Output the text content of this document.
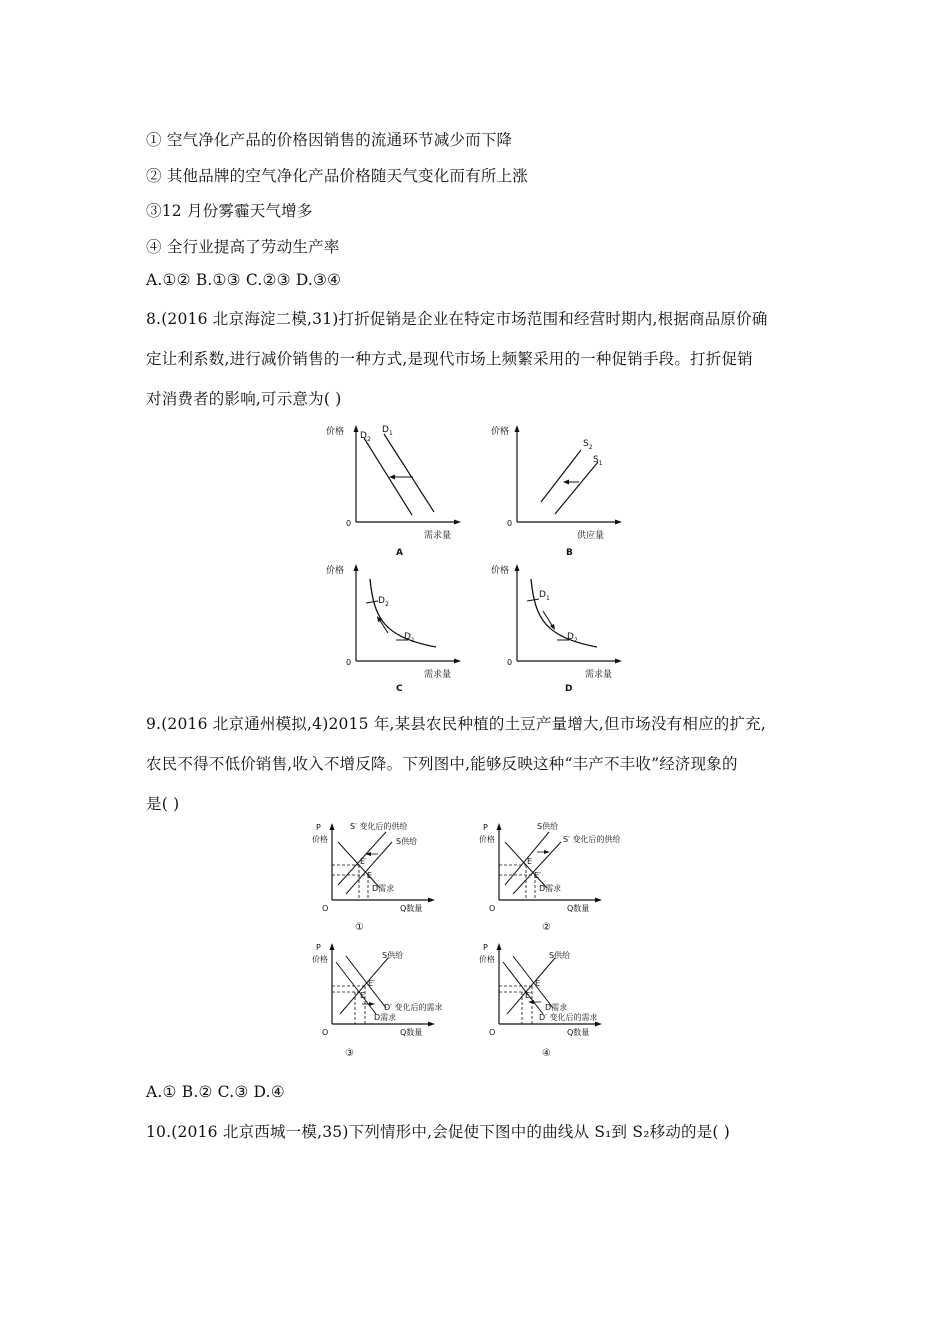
① 空气净化产品的价格因销售的流通环节减少而下降
② 其他品牌的空气净化产品价格随天气变化而有所上涨
③12 月份雾霾天气增多
④ 全行业提高了劳动生产率
A.①② B.①③ C.②③ D.③④
8.(2016 北京海淀二模,31)打折促销是企业在特定市场范围和经营时期内,根据商品原价确
定让利系数,进行减价销售的一种方式,是现代市场上频繁采用的一种促销手段。打折促销
对消费者的影响,可示意为( )
价格
0
需求量
$D_2$
$D_1$
A
价格
0
供应量
$S_2$
$S_1$
B
价格
0
需求量
$D_2$
$D_1$
C
价格
0
需求量
$D_1$
$D_2$
D
9.(2016 北京通州模拟,4)2015 年,某县农民种植的土豆产量增大,但市场没有相应的扩充,
农民不得不低价销售,收入不增反降。下列图中,能够反映这种“丰产不丰收”经济现象的
是( )
P
价格
O	Q数量
S′ 变化后的供给
S供给
D需求
E′
E
①
P
价格
O	Q数量
S供给
S′ 变化后的供给
D需求
E
E′
②
P
价格
O	Q数量
S供给
D′ 变化后的需求
D需求
E′
E
③
P
价格
O	Q数量
S供给
D需求
D′ 变化后的需求
E
E′
④
A.① B.② C.③ D.④
10.(2016 北京西城一模,35)下列情形中,会促使下图中的曲线从 S₁到 S₂移动的是( )
